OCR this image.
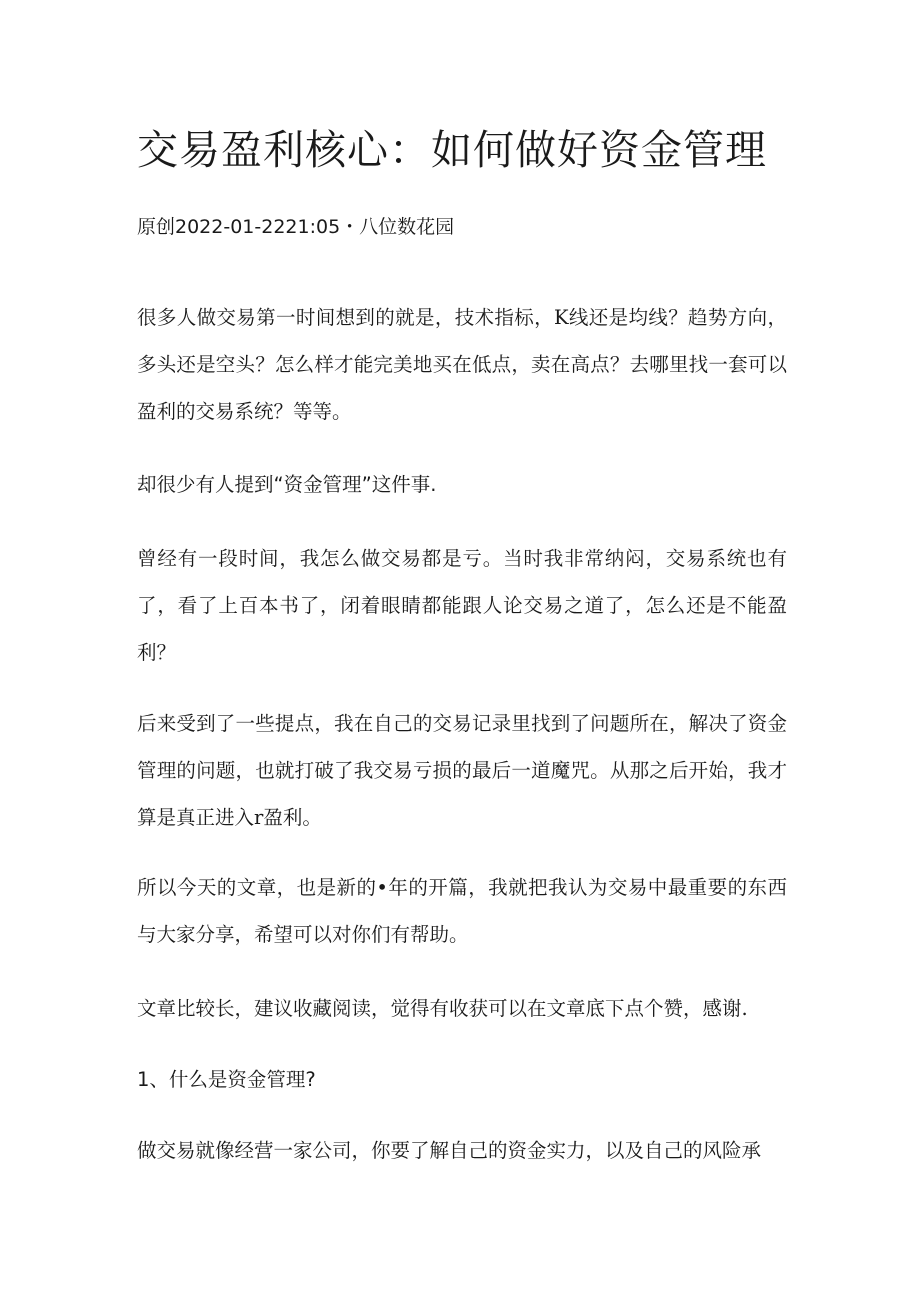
交易盈利核心：如何做好资金管理

原创2022-01-2221:05・八位数花园

很多人做交易第一时间想到的就是，技术指标，K线还是均线？趋势方向，多头还是空头？怎么样才能完美地买在低点，卖在高点？去哪里找一套可以盈利的交易系统？等等。

却很少有人提到“资金管理”这件事.

曾经有一段时间，我怎么做交易都是亏。当时我非常纳闷，交易系统也有了，看了上百本书了，闭着眼睛都能跟人论交易之道了，怎么还是不能盈利？

后来受到了一些提点，我在自己的交易记录里找到了问题所在，解决了资金管理的问题，也就打破了我交易亏损的最后一道魔咒。从那之后开始，我才算是真正进入r盈利。

所以今天的文章，也是新的•年的开篇，我就把我认为交易中最重要的东西与大家分享，希望可以对你们有帮助。

文章比较长，建议收藏阅读，觉得有收获可以在文章底下点个赞，感谢.

1、什么是资金管理?

做交易就像经营一家公司，你要了解自己的资金实力，以及自己的风险承
